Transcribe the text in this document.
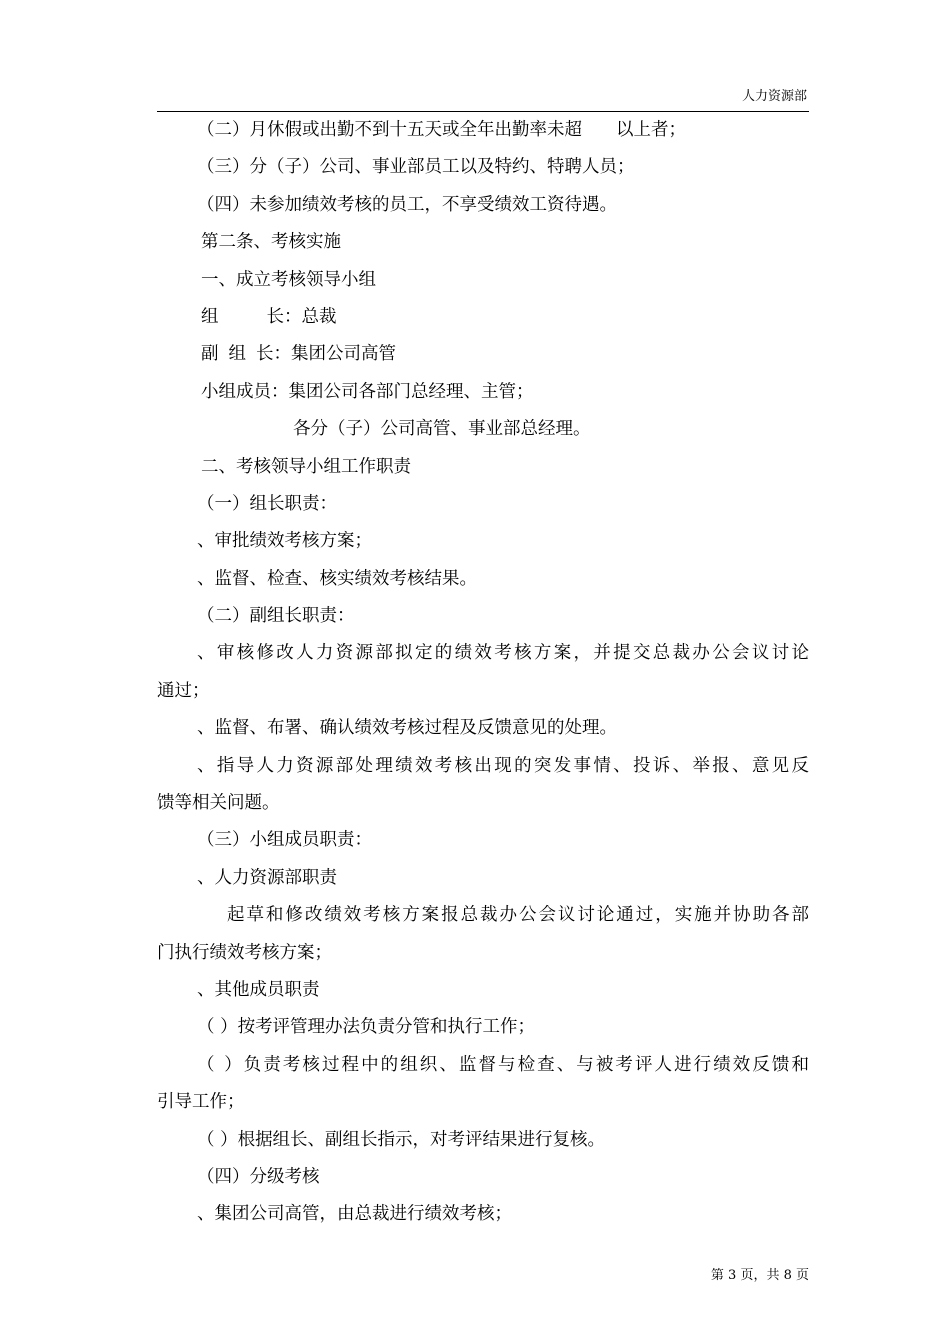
人力资源部
（二）月休假或出勤不到十五天或全年出勤率未超 以上者；
（三）分（子）公司、事业部员工以及特约、特聘人员；
（四）未参加绩效考核的员工，不享受绩效工资待遇。
第二条、考核实施
一、成立考核领导小组
组	长：总裁
副 组 长：集团公司高管
小组成员：集团公司各部门总经理、主管；
各分（子）公司高管、事业部总经理。
二、考核领导小组工作职责
（一）组长职责：
、审批绩效考核方案；
、监督、检查、核实绩效考核结果。
（二）副组长职责：
、审核修改人力资源部拟定的绩效考核方案，并提交总裁办公会议讨论
通过；
、监督、布署、确认绩效考核过程及反馈意见的处理。
、指导人力资源部处理绩效考核出现的突发事情、投诉、举报、意见反
馈等相关问题。
（三）小组成员职责：
、人力资源部职责
起草和修改绩效考核方案报总裁办公会议讨论通过，实施并协助各部
门执行绩效考核方案；
、其他成员职责
（ ）按考评管理办法负责分管和执行工作；
（ ）负责考核过程中的组织、监督与检查、与被考评人进行绩效反馈和
引导工作；
（ ）根据组长、副组长指示，对考评结果进行复核。
（四）分级考核
、集团公司高管，由总裁进行绩效考核；
第 3 页，共 8 页
